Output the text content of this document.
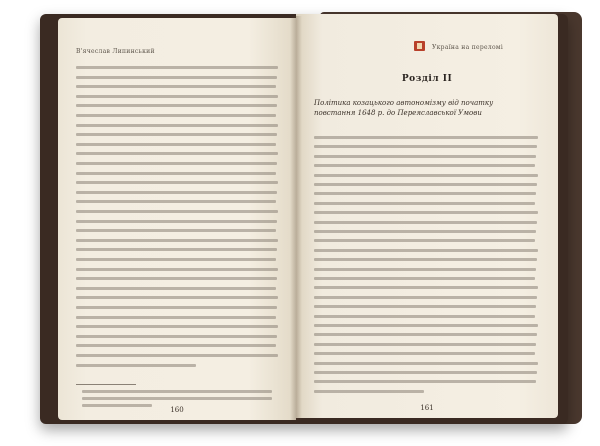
В'ячеслав Липинський
160
Україна на переломі
Розділ II
Політика козацького автономізму від початку повстання 1648 р. до Переяславської Умови
161
